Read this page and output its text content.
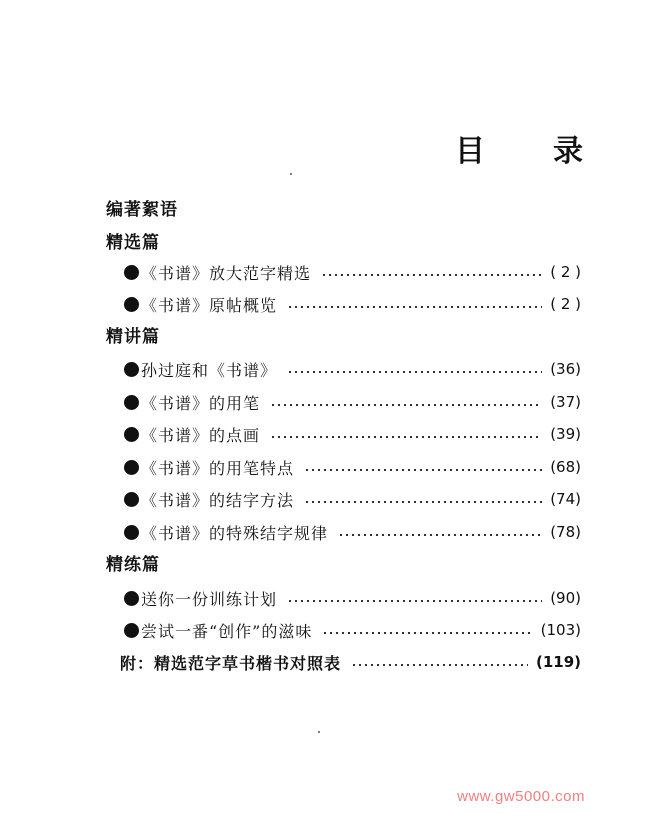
目 录
编著絮语
精选篇
《书谱》放大范字精选	( 2 )
《书谱》原帖概览	( 2 )
精讲篇
孙过庭和《书谱》	(36)
《书谱》的用笔	(37)
《书谱》的点画	(39)
《书谱》的用笔特点	(68)
《书谱》的结字方法	(74)
《书谱》的特殊结字规律	(78)
精练篇
送你一份训练计划	(90)
尝试一番“创作”的滋味	(103)
附：精选范字草书楷书对照表	(119)
www.gw5000.com
